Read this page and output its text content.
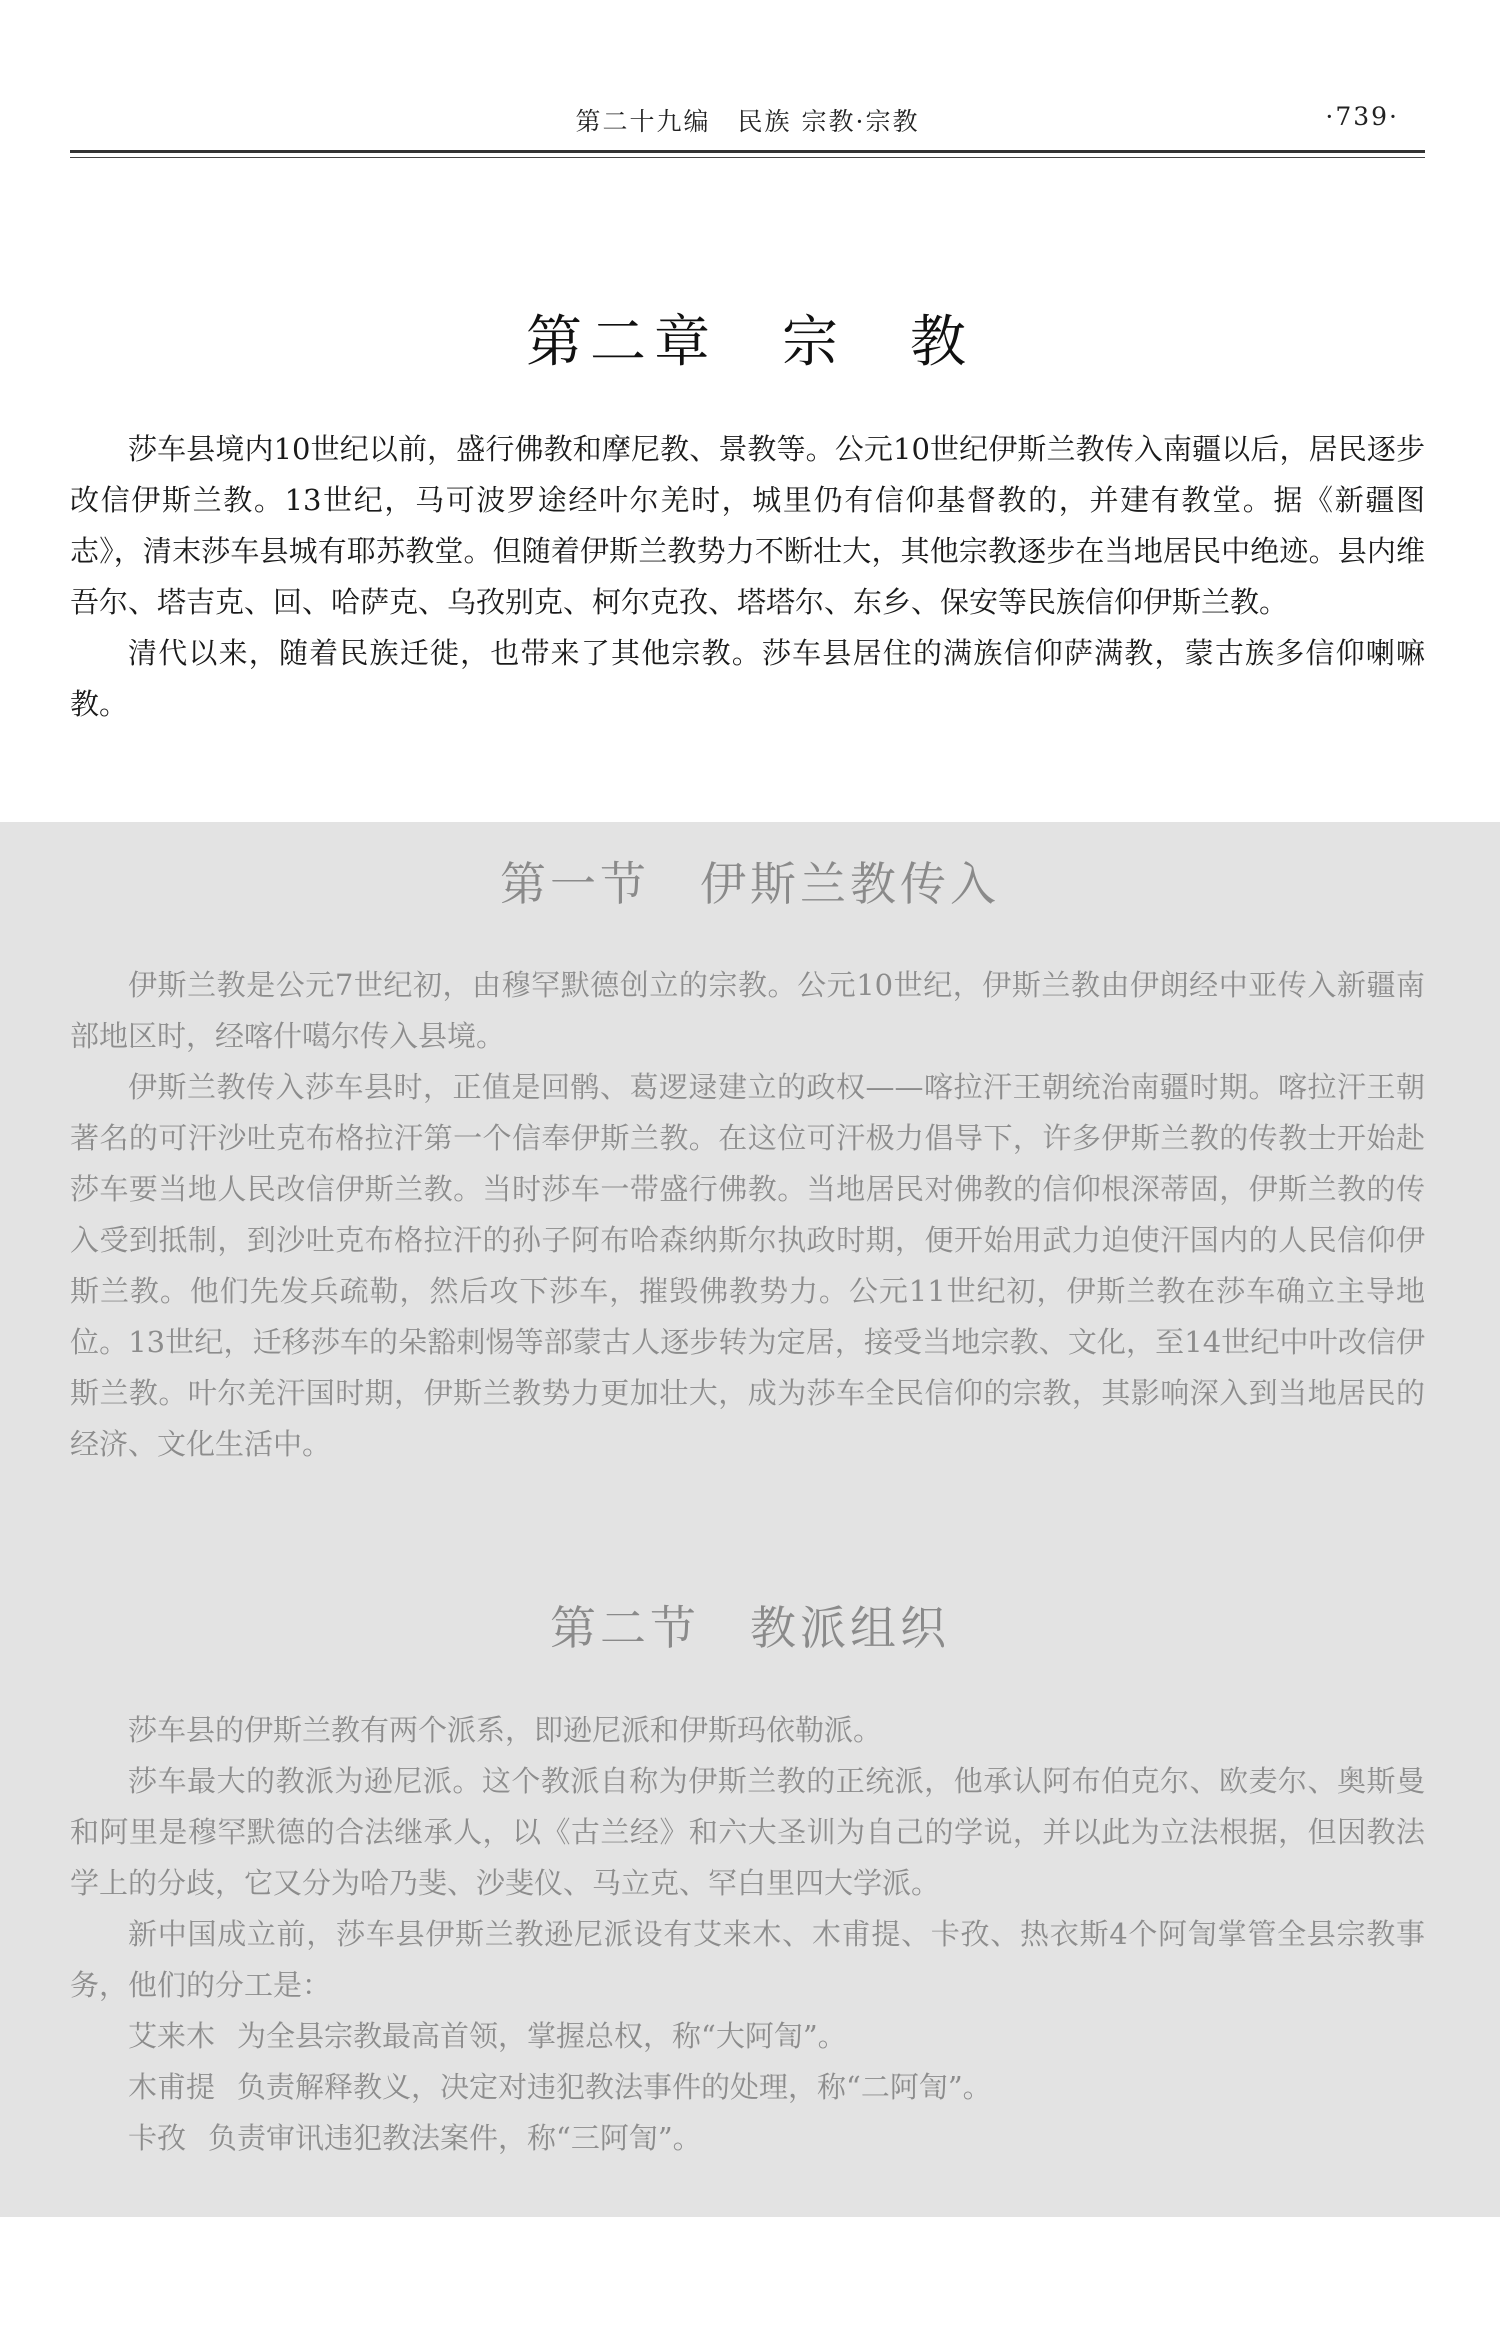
第二十九编　民族 宗教·宗教	·739·
第二章　宗　教

莎车县境内10世纪以前，盛行佛教和摩尼教、景教等。公元10世纪伊斯兰教传入南疆以后，居民逐步改信伊斯兰教。13世纪，马可波罗途经叶尔羌时，城里仍有信仰基督教的，并建有教堂。据《新疆图志》，清末莎车县城有耶苏教堂。但随着伊斯兰教势力不断壮大，其他宗教逐步在当地居民中绝迹。县内维吾尔、塔吉克、回、哈萨克、乌孜别克、柯尔克孜、塔塔尔、东乡、保安等民族信仰伊斯兰教。

清代以来，随着民族迁徙，也带来了其他宗教。莎车县居住的满族信仰萨满教，蒙古族多信仰喇嘛教。

第一节　伊斯兰教传入

伊斯兰教是公元7世纪初，由穆罕默德创立的宗教。公元10世纪，伊斯兰教由伊朗经中亚传入新疆南部地区时，经喀什噶尔传入县境。

伊斯兰教传入莎车县时，正值是回鹘、葛逻逯建立的政权——喀拉汗王朝统治南疆时期。喀拉汗王朝著名的可汗沙吐克布格拉汗第一个信奉伊斯兰教。在这位可汗极力倡导下，许多伊斯兰教的传教士开始赴莎车要当地人民改信伊斯兰教。当时莎车一带盛行佛教。当地居民对佛教的信仰根深蒂固，伊斯兰教的传入受到抵制，到沙吐克布格拉汗的孙子阿布哈森纳斯尔执政时期，便开始用武力迫使汗国内的人民信仰伊斯兰教。他们先发兵疏勒，然后攻下莎车，摧毁佛教势力。公元11世纪初，伊斯兰教在莎车确立主导地位。13世纪，迁移莎车的朵豁剌惕等部蒙古人逐步转为定居，接受当地宗教、文化，至14世纪中叶改信伊斯兰教。叶尔羌汗国时期，伊斯兰教势力更加壮大，成为莎车全民信仰的宗教，其影响深入到当地居民的经济、文化生活中。

第二节　教派组织

莎车县的伊斯兰教有两个派系，即逊尼派和伊斯玛依勒派。

莎车最大的教派为逊尼派。这个教派自称为伊斯兰教的正统派，他承认阿布伯克尔、欧麦尔、奥斯曼和阿里是穆罕默德的合法继承人，以《古兰经》和六大圣训为自己的学说，并以此为立法根据，但因教法学上的分歧，它又分为哈乃斐、沙斐仪、马立克、罕白里四大学派。

新中国成立前，莎车县伊斯兰教逊尼派设有艾来木、木甫提、卡孜、热衣斯4个阿訇掌管全县宗教事务，他们的分工是：

艾来木 为全县宗教最高首领，掌握总权，称“大阿訇”。

木甫提 负责解释教义，决定对违犯教法事件的处理，称“二阿訇”。

卡孜 负责审讯违犯教法案件，称“三阿訇”。
